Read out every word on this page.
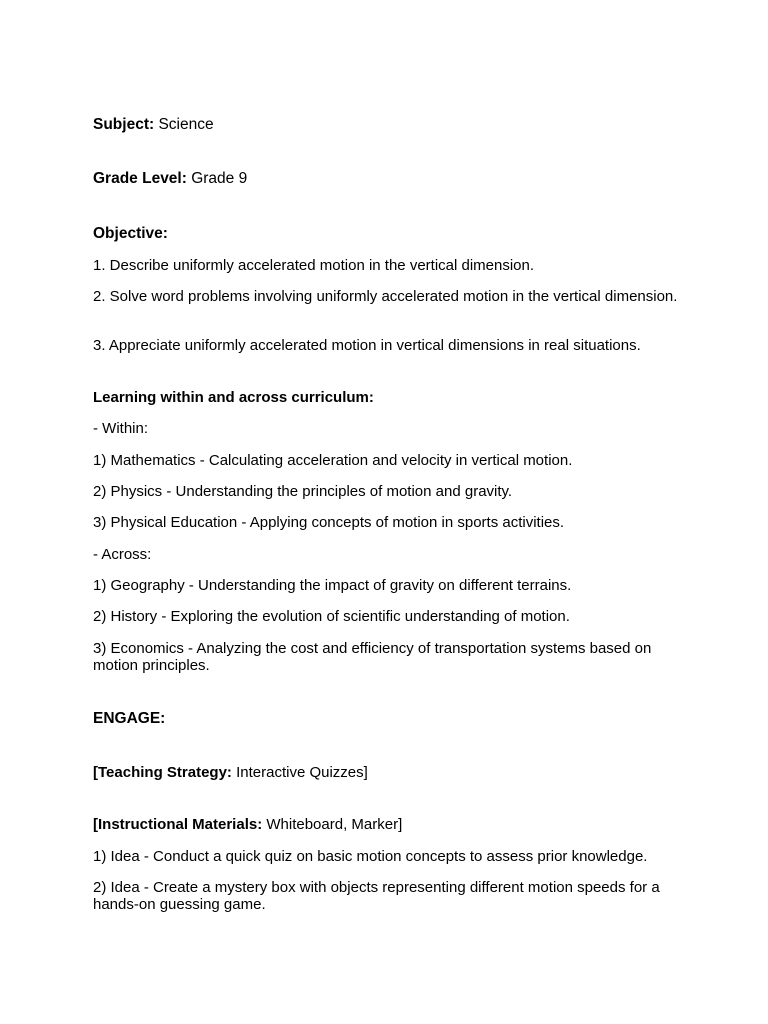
Subject: Science
Grade Level: Grade 9
Objective:
1. Describe uniformly accelerated motion in the vertical dimension.
2. Solve word problems involving uniformly accelerated motion in the vertical dimension.
3. Appreciate uniformly accelerated motion in vertical dimensions in real situations.
Learning within and across curriculum:
- Within:
1) Mathematics - Calculating acceleration and velocity in vertical motion.
2) Physics - Understanding the principles of motion and gravity.
3) Physical Education - Applying concepts of motion in sports activities.
- Across:
1) Geography - Understanding the impact of gravity on different terrains.
2) History - Exploring the evolution of scientific understanding of motion.
3) Economics - Analyzing the cost and efficiency of transportation systems based on motion principles.
ENGAGE:
[Teaching Strategy: Interactive Quizzes]
[Instructional Materials: Whiteboard, Marker]
1) Idea - Conduct a quick quiz on basic motion concepts to assess prior knowledge.
2) Idea - Create a mystery box with objects representing different motion speeds for a hands-on guessing game.
